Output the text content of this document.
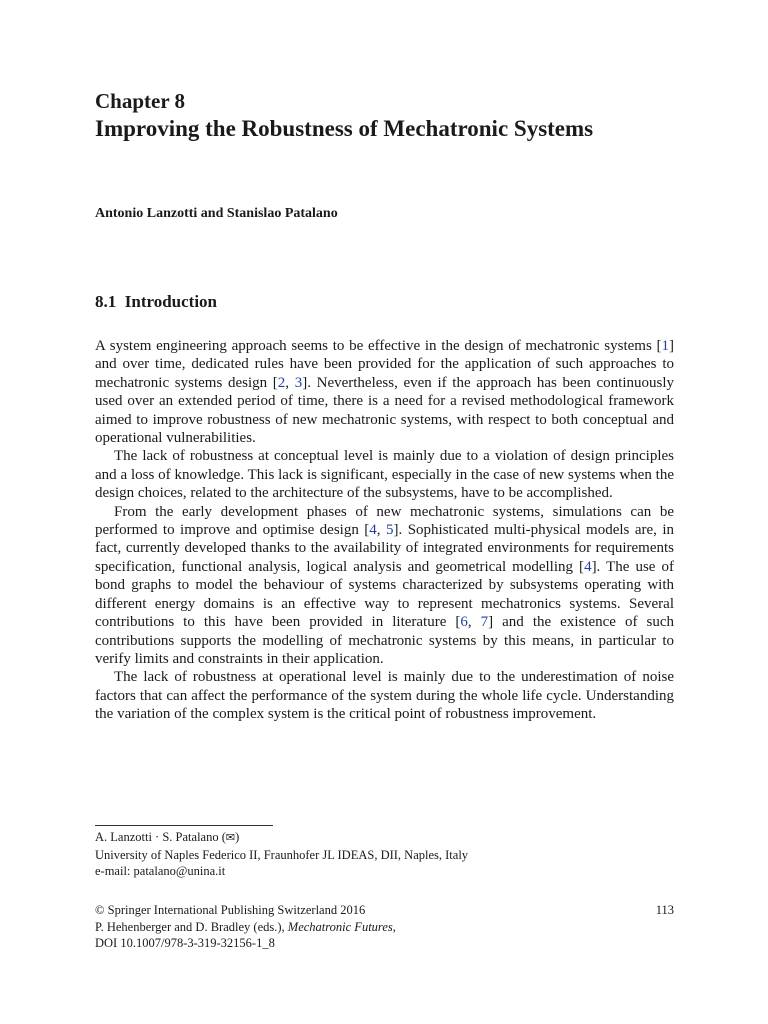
Chapter 8
Improving the Robustness of Mechatronic Systems
Antonio Lanzotti and Stanislao Patalano
8.1 Introduction

A system engineering approach seems to be effective in the design of mechatronic systems [1] and over time, dedicated rules have been provided for the application of such approaches to mechatronic systems design [2, 3]. Nevertheless, even if the approach has been continuously used over an extended period of time, there is a need for a revised methodological framework aimed to improve robustness of new mechatronic systems, with respect to both conceptual and operational vulnerabilities.

The lack of robustness at conceptual level is mainly due to a violation of design principles and a loss of knowledge. This lack is significant, especially in the case of new systems when the design choices, related to the architecture of the subsystems, have to be accomplished.

From the early development phases of new mechatronic systems, simulations can be performed to improve and optimise design [4, 5]. Sophisticated multi-physical models are, in fact, currently developed thanks to the availability of integrated environments for requirements specification, functional analysis, logical analysis and geometrical modelling [4]. The use of bond graphs to model the behaviour of systems characterized by subsystems operating with different energy domains is an effective way to represent mechatronics systems. Several contributions to this have been provided in literature [6, 7] and the existence of such contributions supports the modelling of mechatronic systems by this means, in particular to verify limits and constraints in their application.

The lack of robustness at operational level is mainly due to the underestimation of noise factors that can affect the performance of the system during the whole life cycle. Understanding the variation of the complex system is the critical point of robustness improvement.

A. Lanzotti · S. Patalano (✉)
University of Naples Federico II, Fraunhofer JL IDEAS, DII, Naples, Italy
e-mail: patalano@unina.it
© Springer International Publishing Switzerland 2016
P. Hehenberger and D. Bradley (eds.), Mechatronic Futures,
DOI 10.1007/978-3-319-32156-1_8
113
